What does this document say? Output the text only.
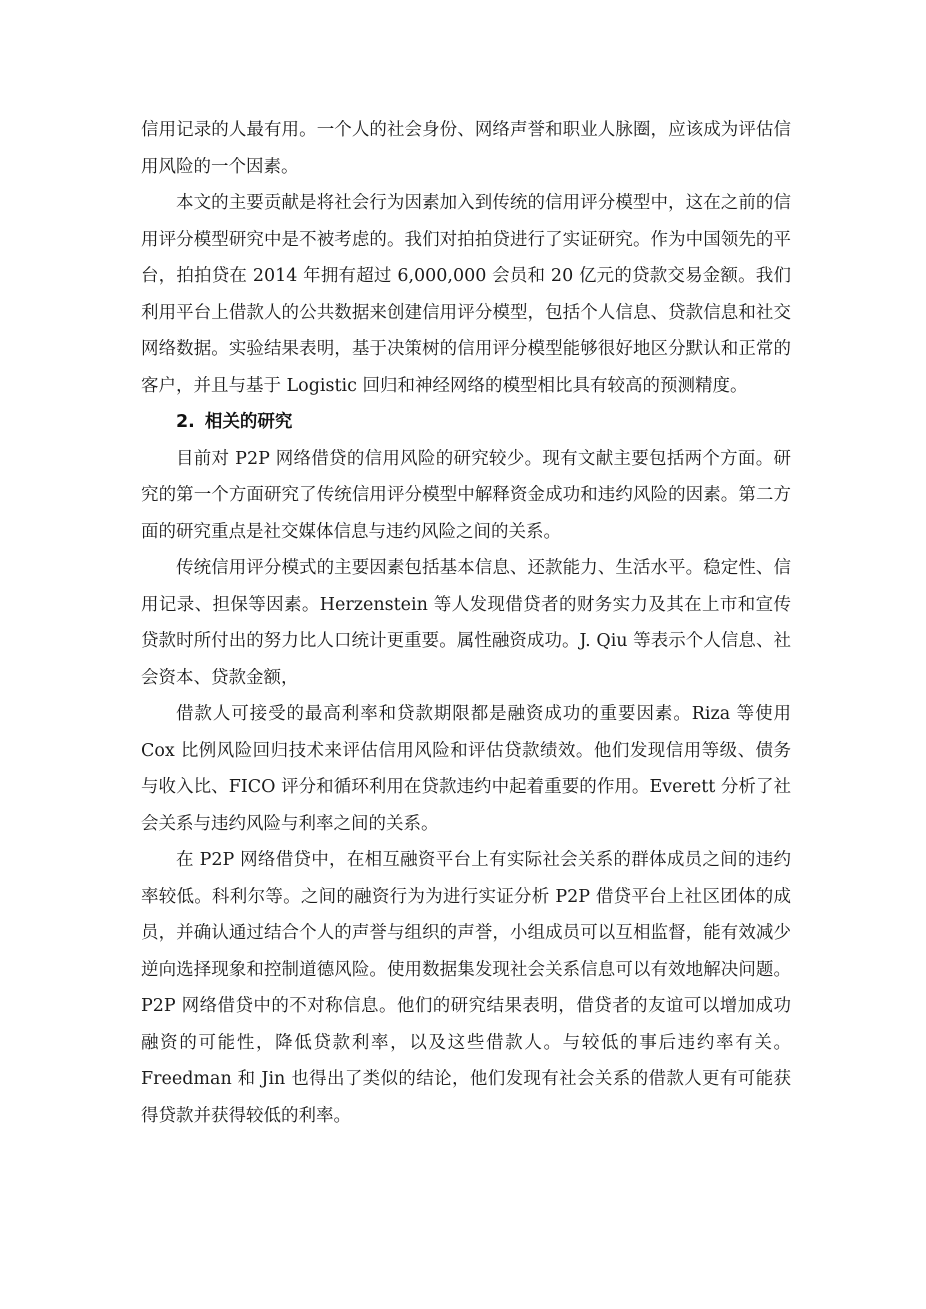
信用记录的人最有用。一个人的社会身份、网络声誉和职业人脉圈，应该成为评估信用风险的一个因素。

本文的主要贡献是将社会行为因素加入到传统的信用评分模型中，这在之前的信用评分模型研究中是不被考虑的。我们对拍拍贷进行了实证研究。作为中国领先的平台，拍拍贷在 2014 年拥有超过 6,000,000 会员和 20 亿元的贷款交易金额。我们利用平台上借款人的公共数据来创建信用评分模型，包括个人信息、贷款信息和社交网络数据。实验结果表明，基于决策树的信用评分模型能够很好地区分默认和正常的客户，并且与基于 Logistic 回归和神经网络的模型相比具有较高的预测精度。

2. 相关的研究

目前对 P2P 网络借贷的信用风险的研究较少。现有文献主要包括两个方面。研究的第一个方面研究了传统信用评分模型中解释资金成功和违约风险的因素。第二方面的研究重点是社交媒体信息与违约风险之间的关系。

传统信用评分模式的主要因素包括基本信息、还款能力、生活水平。稳定性、信用记录、担保等因素。Herzenstein 等人发现借贷者的财务实力及其在上市和宣传贷款时所付出的努力比人口统计更重要。属性融资成功。J. Qiu 等表示个人信息、社会资本、贷款金额，

借款人可接受的最高利率和贷款期限都是融资成功的重要因素。Riza 等使用 Cox 比例风险回归技术来评估信用风险和评估贷款绩效。他们发现信用等级、债务与收入比、FICO 评分和循环利用在贷款违约中起着重要的作用。Everett 分析了社会关系与违约风险与利率之间的关系。

在 P2P 网络借贷中，在相互融资平台上有实际社会关系的群体成员之间的违约率较低。科利尔等。之间的融资行为为进行实证分析 P2P 借贷平台上社区团体的成员，并确认通过结合个人的声誉与组织的声誉，小组成员可以互相监督，能有效减少逆向选择现象和控制道德风险。使用数据集发现社会关系信息可以有效地解决问题。P2P 网络借贷中的不对称信息。他们的研究结果表明，借贷者的友谊可以增加成功融资的可能性，降低贷款利率，以及这些借款人。与较低的事后违约率有关。Freedman 和 Jin 也得出了类似的结论，他们发现有社会关系的借款人更有可能获得贷款并获得较低的利率。
